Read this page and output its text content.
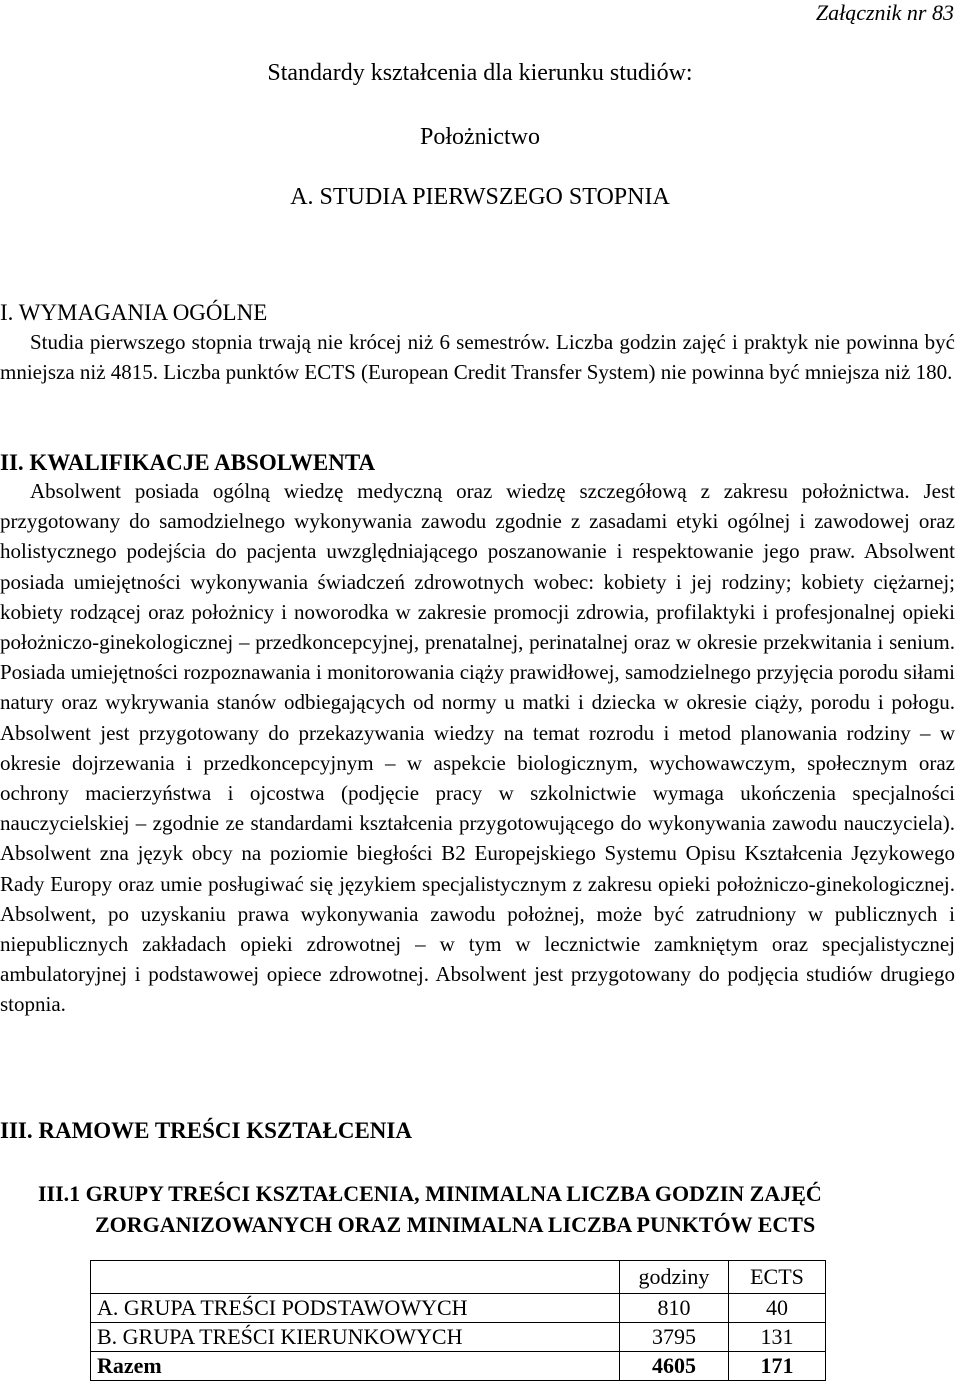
Załącznik nr 83
Standardy kształcenia dla kierunku studiów:
Położnictwo
A. STUDIA PIERWSZEGO STOPNIA
I. WYMAGANIA OGÓLNE
Studia pierwszego stopnia trwają nie krócej niż 6 semestrów. Liczba godzin zajęć i praktyk nie powinna być mniejsza niż 4815. Liczba punktów ECTS (European Credit Transfer System) nie powinna być mniejsza niż 180.
II. KWALIFIKACJE ABSOLWENTA
Absolwent posiada ogólną wiedzę medyczną oraz wiedzę szczegółową z zakresu położnictwa. Jest przygotowany do samodzielnego wykonywania zawodu zgodnie z zasadami etyki ogólnej i zawodowej oraz holistycznego podejścia do pacjenta uwzględniającego poszanowanie i respektowanie jego praw. Absolwent posiada umiejętności wykonywania świadczeń zdrowotnych wobec: kobiety i jej rodziny; kobiety ciężarnej; kobiety rodzącej oraz położnicy i noworodka w zakresie promocji zdrowia, profilaktyki i profesjonalnej opieki położniczo-ginekologicznej – przedkoncepcyjnej, prenatalnej, perinatalnej oraz w okresie przekwitania i senium. Posiada umiejętności rozpoznawania i monitorowania ciąży prawidłowej, samodzielnego przyjęcia porodu siłami natury oraz wykrywania stanów odbiegających od normy u matki i dziecka w okresie ciąży, porodu i połogu. Absolwent jest przygotowany do przekazywania wiedzy na temat rozrodu i metod planowania rodziny – w okresie dojrzewania i przedkoncepcyjnym – w aspekcie biologicznym, wychowawczym, społecznym oraz ochrony macierzyństwa i ojcostwa (podjęcie pracy w szkolnictwie wymaga ukończenia specjalności nauczycielskiej – zgodnie ze standardami kształcenia przygotowującego do wykonywania zawodu nauczyciela). Absolwent zna język obcy na poziomie biegłości B2 Europejskiego Systemu Opisu Kształcenia Językowego Rady Europy oraz umie posługiwać się językiem specjalistycznym z zakresu opieki położniczo-ginekologicznej. Absolwent, po uzyskaniu prawa wykonywania zawodu położnej, może być zatrudniony w publicznych i niepublicznych zakładach opieki zdrowotnej – w tym w lecznictwie zamkniętym oraz specjalistycznej ambulatoryjnej i podstawowej opiece zdrowotnej. Absolwent jest przygotowany do podjęcia studiów drugiego stopnia.
III. RAMOWE TREŚCI KSZTAŁCENIA
III.1 GRUPY TREŚCI KSZTAŁCENIA, MINIMALNA LICZBA GODZIN ZAJĘĆ
ZORGANIZOWANYCH ORAZ MINIMALNA LICZBA PUNKTÓW ECTS
	godziny	ECTS
A. GRUPA TREŚCI PODSTAWOWYCH	810	40
B. GRUPA TREŚCI KIERUNKOWYCH	3795	131
Razem	4605	171
